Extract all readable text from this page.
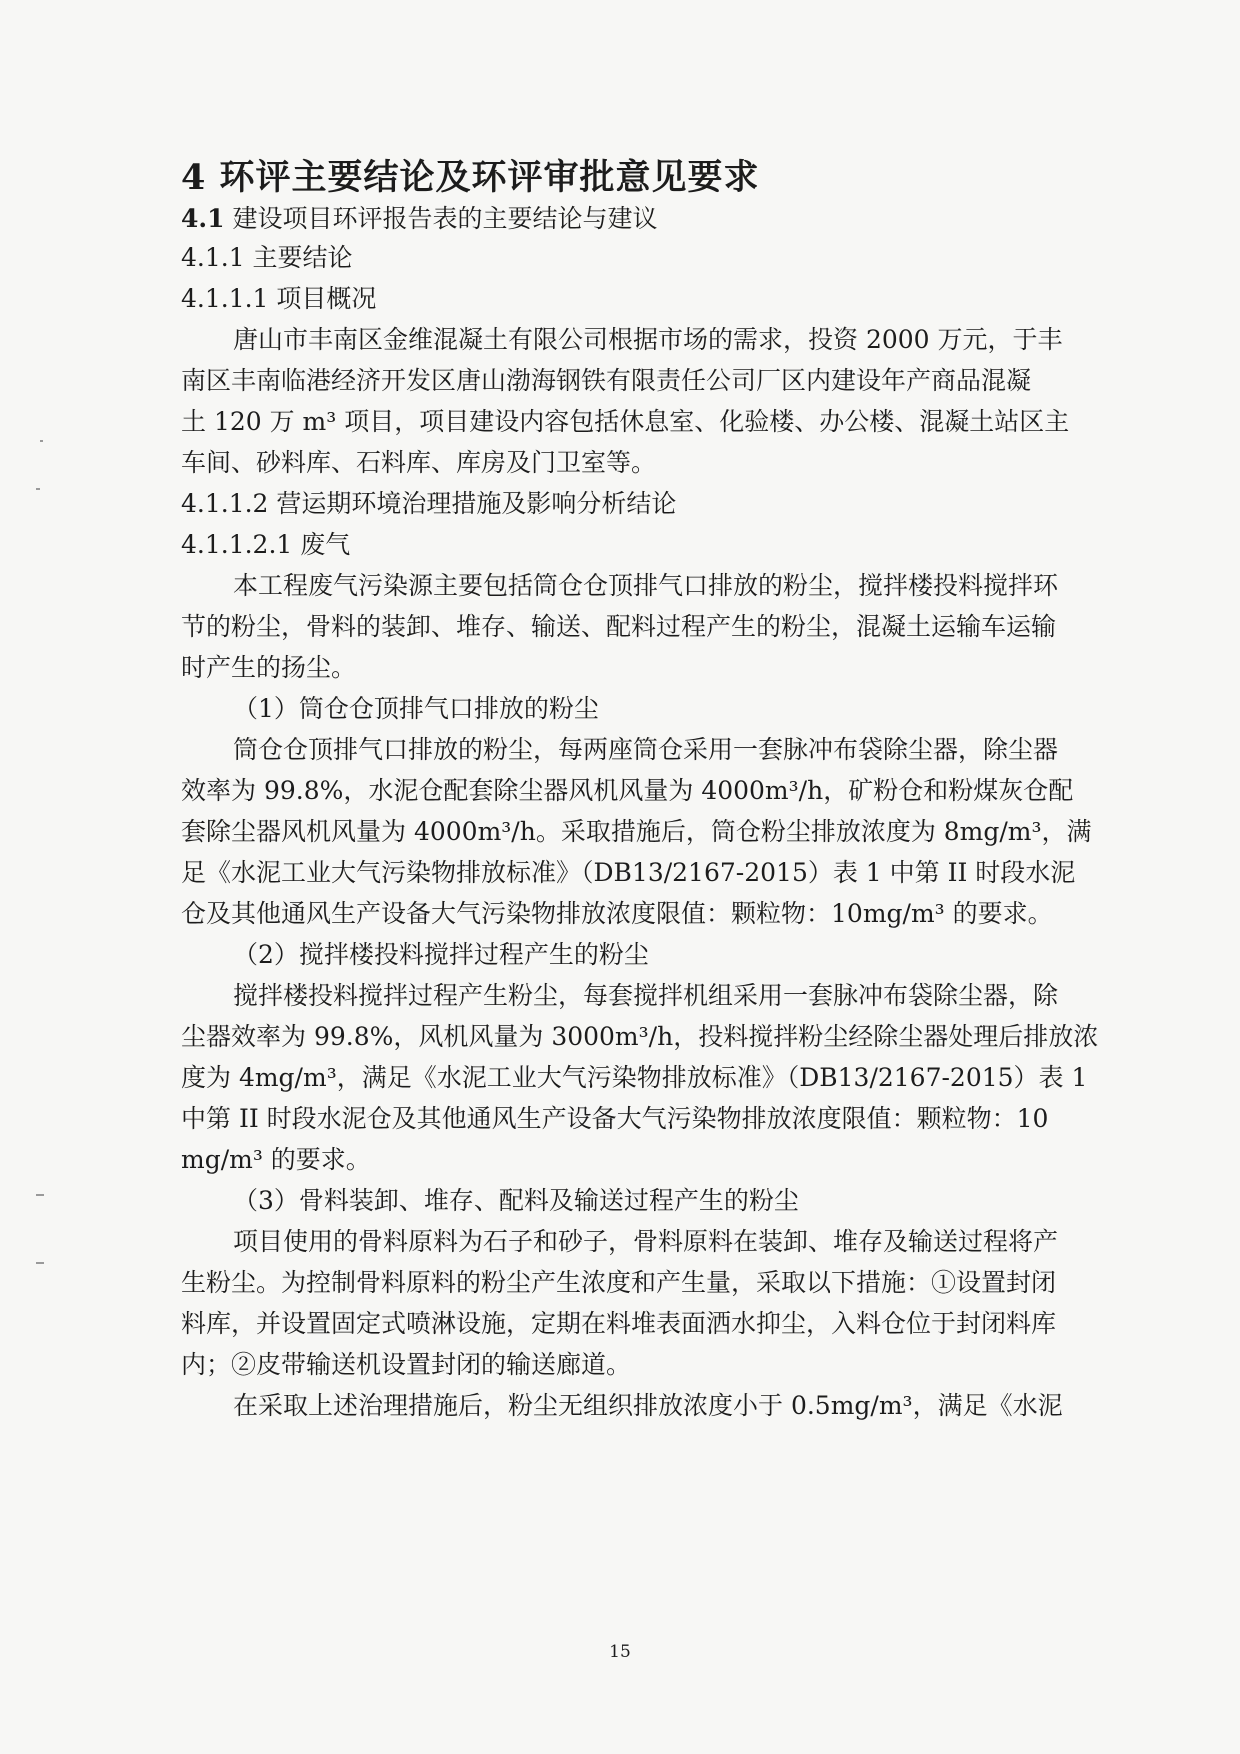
4 环评主要结论及环评审批意见要求
4.1 建设项目环评报告表的主要结论与建议
4.1.1 主要结论
4.1.1.1 项目概况
唐山市丰南区金维混凝土有限公司根据市场的需求，投资 2000 万元，于丰
南区丰南临港经济开发区唐山渤海钢铁有限责任公司厂区内建设年产商品混凝
土 120 万 m³ 项目，项目建设内容包括休息室、化验楼、办公楼、混凝土站区主
车间、砂料库、石料库、库房及门卫室等。
4.1.1.2 营运期环境治理措施及影响分析结论
4.1.1.2.1 废气
本工程废气污染源主要包括筒仓仓顶排气口排放的粉尘，搅拌楼投料搅拌环
节的粉尘，骨料的装卸、堆存、输送、配料过程产生的粉尘，混凝土运输车运输
时产生的扬尘。
（1）筒仓仓顶排气口排放的粉尘
筒仓仓顶排气口排放的粉尘，每两座筒仓采用一套脉冲布袋除尘器，除尘器
效率为 99.8%，水泥仓配套除尘器风机风量为 4000m³/h，矿粉仓和粉煤灰仓配
套除尘器风机风量为 4000m³/h。采取措施后，筒仓粉尘排放浓度为 8mg/m³，满
足《水泥工业大气污染物排放标准》（DB13/2167-2015）表 1 中第 II 时段水泥
仓及其他通风生产设备大气污染物排放浓度限值：颗粒物：10mg/m³ 的要求。
（2）搅拌楼投料搅拌过程产生的粉尘
搅拌楼投料搅拌过程产生粉尘，每套搅拌机组采用一套脉冲布袋除尘器，除
尘器效率为 99.8%，风机风量为 3000m³/h，投料搅拌粉尘经除尘器处理后排放浓
度为 4mg/m³，满足《水泥工业大气污染物排放标准》（DB13/2167-2015）表 1
中第 II 时段水泥仓及其他通风生产设备大气污染物排放浓度限值：颗粒物：10
mg/m³ 的要求。
（3）骨料装卸、堆存、配料及输送过程产生的粉尘
项目使用的骨料原料为石子和砂子，骨料原料在装卸、堆存及输送过程将产
生粉尘。为控制骨料原料的粉尘产生浓度和产生量，采取以下措施：①设置封闭
料库，并设置固定式喷淋设施，定期在料堆表面洒水抑尘，入料仓位于封闭料库
内；②皮带输送机设置封闭的输送廊道。
在采取上述治理措施后，粉尘无组织排放浓度小于 0.5mg/m³，满足《水泥
15
